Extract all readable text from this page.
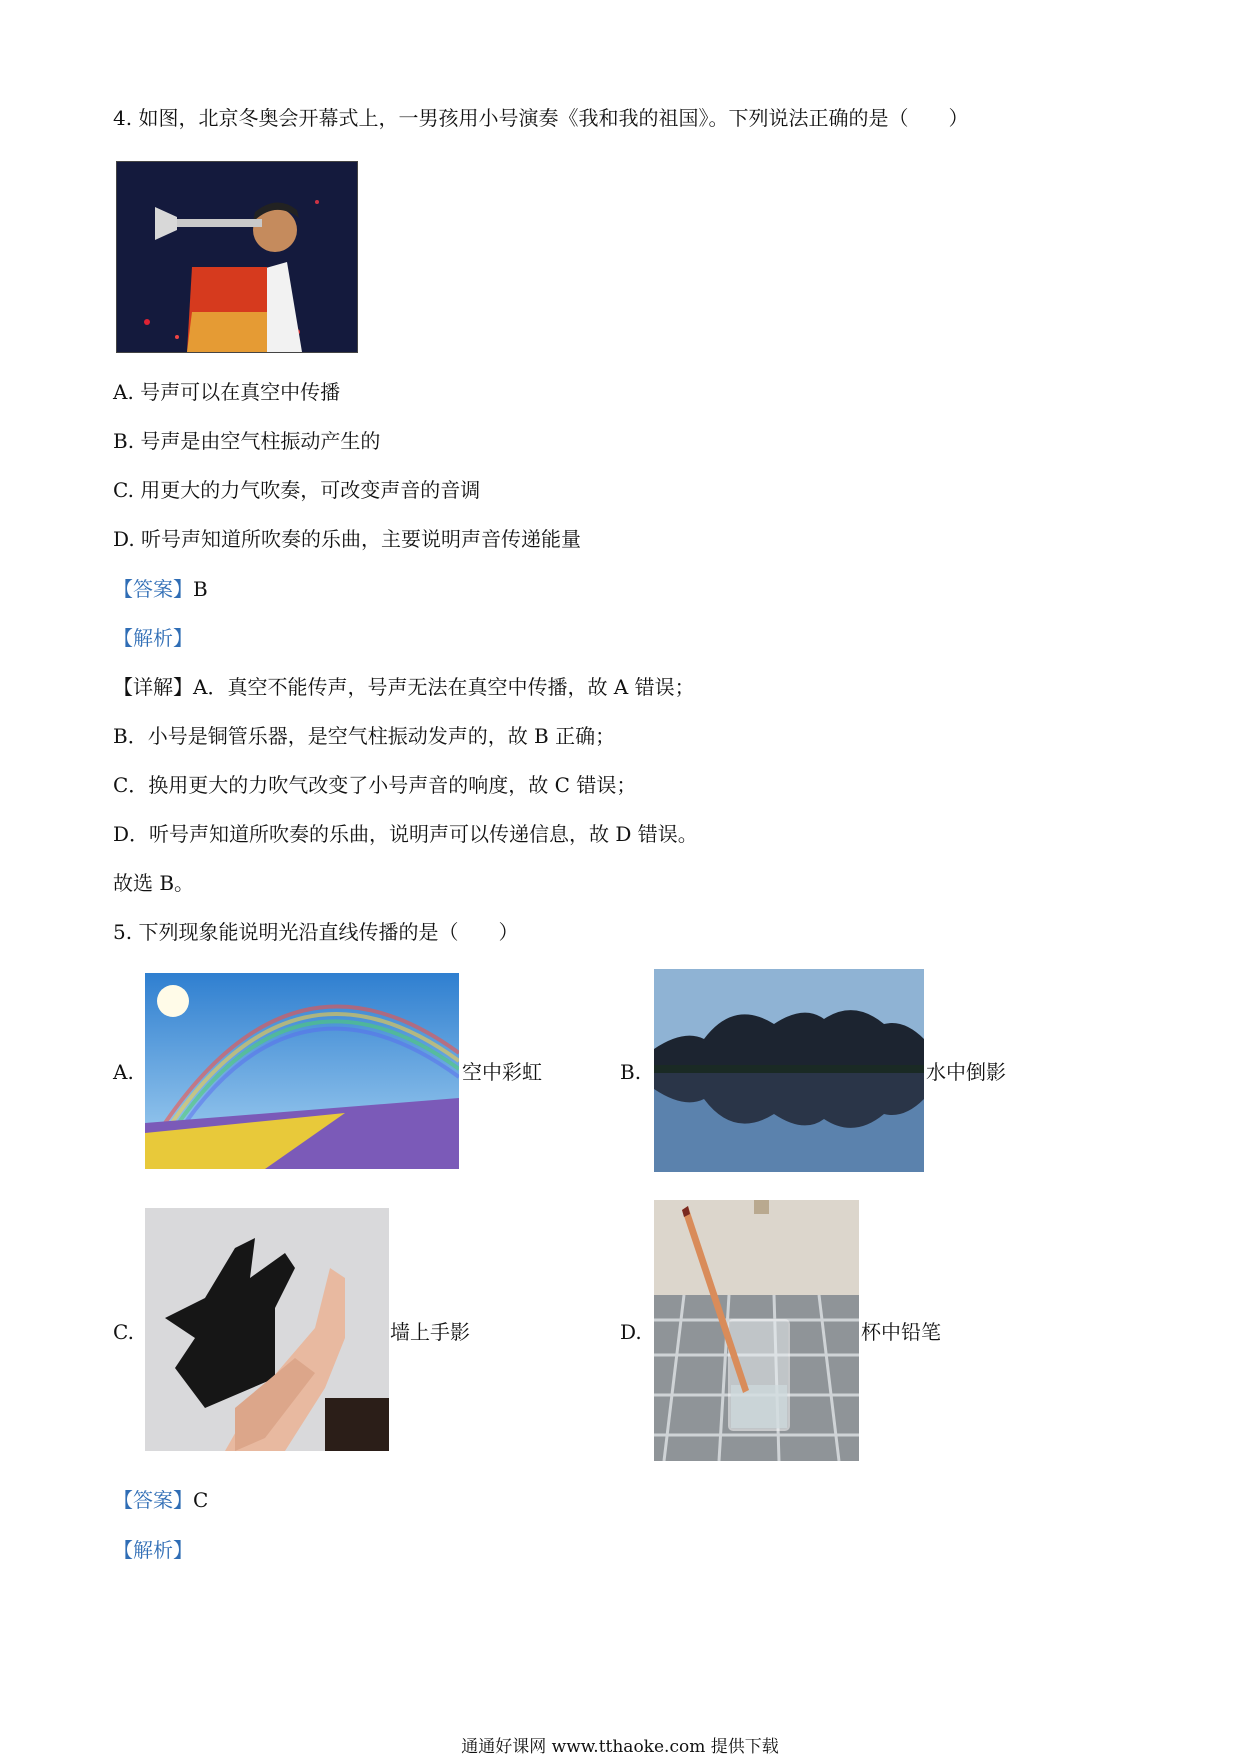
4. 如图，北京冬奥会开幕式上，一男孩用小号演奏《我和我的祖国》。下列说法正确的是（　　）
A. 号声可以在真空中传播
B. 号声是由空气柱振动产生的
C. 用更大的力气吹奏，可改变声音的音调
D. 听号声知道所吹奏的乐曲，主要说明声音传递能量
【答案】B
【解析】
【详解】A．真空不能传声，号声无法在真空中传播，故 A 错误；
B．小号是铜管乐器，是空气柱振动发声的，故 B 正确；
C．换用更大的力吹气改变了小号声音的响度，故 C 错误；
D．听号声知道所吹奏的乐曲，说明声可以传递信息，故 D 错误。
故选 B。
5. 下列现象能说明光沿直线传播的是（　　）
A.	空中彩虹	B.	水中倒影
C.	墙上手影	D.	杯中铅笔
【答案】C
【解析】
通通好课网 www.tthaoke.com 提供下载
